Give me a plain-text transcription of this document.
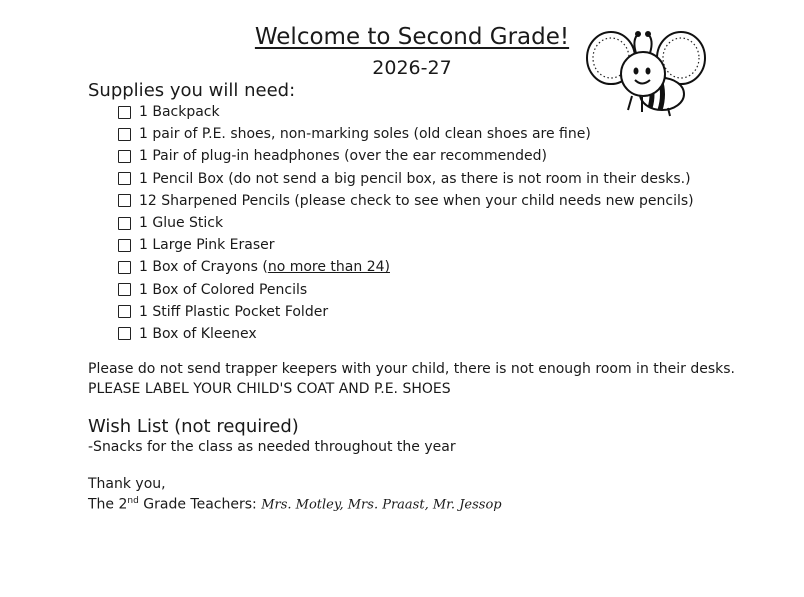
Welcome to Second Grade!
2026-27
Supplies you will need:
1 Backpack
1 pair of P.E. shoes, non-marking soles (old clean shoes are fine)
1 Pair of plug-in headphones (over the ear recommended)
1 Pencil Box (do not send a big pencil box, as there is not room in their desks.)
12 Sharpened Pencils (please check to see when your child needs new pencils)
1 Glue Stick
1 Large Pink Eraser
1 Box of Crayons ( no more than 24)
1 Box of Colored Pencils
1 Stiff Plastic Pocket Folder
1 Box of Kleenex
Please do not send trapper keepers with your child, there is not enough room in their desks.
PLEASE LABEL YOUR CHILD'S COAT AND P.E. SHOES
Wish List (not required)
-Snacks for the class as needed throughout the year
Thank you,
The 2nd Grade Teachers: Mrs. Motley, Mrs. Praast, Mr. Jessop
